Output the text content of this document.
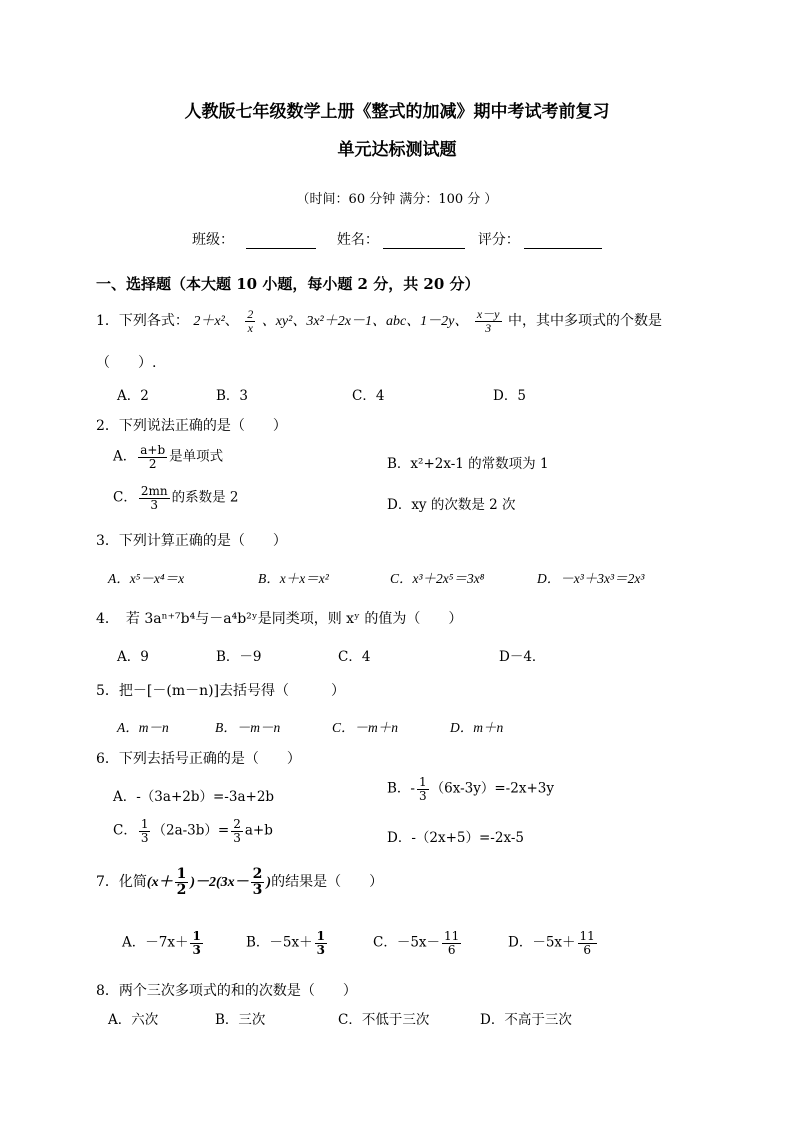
人教版七年级数学上册《整式的加减》期中考试考前复习
单元达标测试题
（时间：60 分钟 满分：100 分 ）
班级：	姓名：	评分：
一、选择题（本大题 10 小题，每小题 2 分，共 20 分）
1．下列各式： 2＋x²、 $\frac{2}{x}$ 、xy²、3x²＋2x－1、abc、1－2y、 $\frac{x-y}{3}$ 中，其中多项式的个数是
（　　）.
A．2	B．3	C．4	D．5
2．下列说法正确的是（　　）
A． $\frac{a+b}{2}$ 是单项式	B．x²+2x-1 的常数项为 1
C． $\frac{2mn}{3}$ 的系数是 2	D．xy 的次数是 2 次
3．下列计算正确的是（　　）
A．x⁵－x⁴＝x	B．x＋x＝x²	C．x³＋2x⁵＝3x⁸	D．－x³＋3x³＝2x³
4．　若 3aⁿ⁺⁷b⁴与－a⁴b²ʸ是同类项，则 xʸ 的值为（　　）
A．9	B．－9	C．4	D－4．
5．把－[－(m－n)]去括号得（　　　）
A．m－n	B．－m－n	C．－m＋n	D．m＋n
6．下列去括号正确的是（　　）
A．-（3a+2b）=-3a+2b
B．- $\frac{1}{3} (6x-3y)=-2x+3y$
C． $\frac{1}{3} (2a-3b)= \frac{2}{3} a+b$	D．-（2x+5）=-2x-5
7．化简$(x+ \frac{1}{2} )-2(3x- \frac{2}{3}$ )的结果是（　　）
A．$-7x+ \frac{1}{3}$	B．$-5x+ \frac{1}{3}$	C．$-5x- \frac{11}{6}$	D．$-5x+ \frac{11}{6}$
8．两个三次多项式的和的次数是（　　）
A．六次	B．三次	C．不低于三次	D．不高于三次
